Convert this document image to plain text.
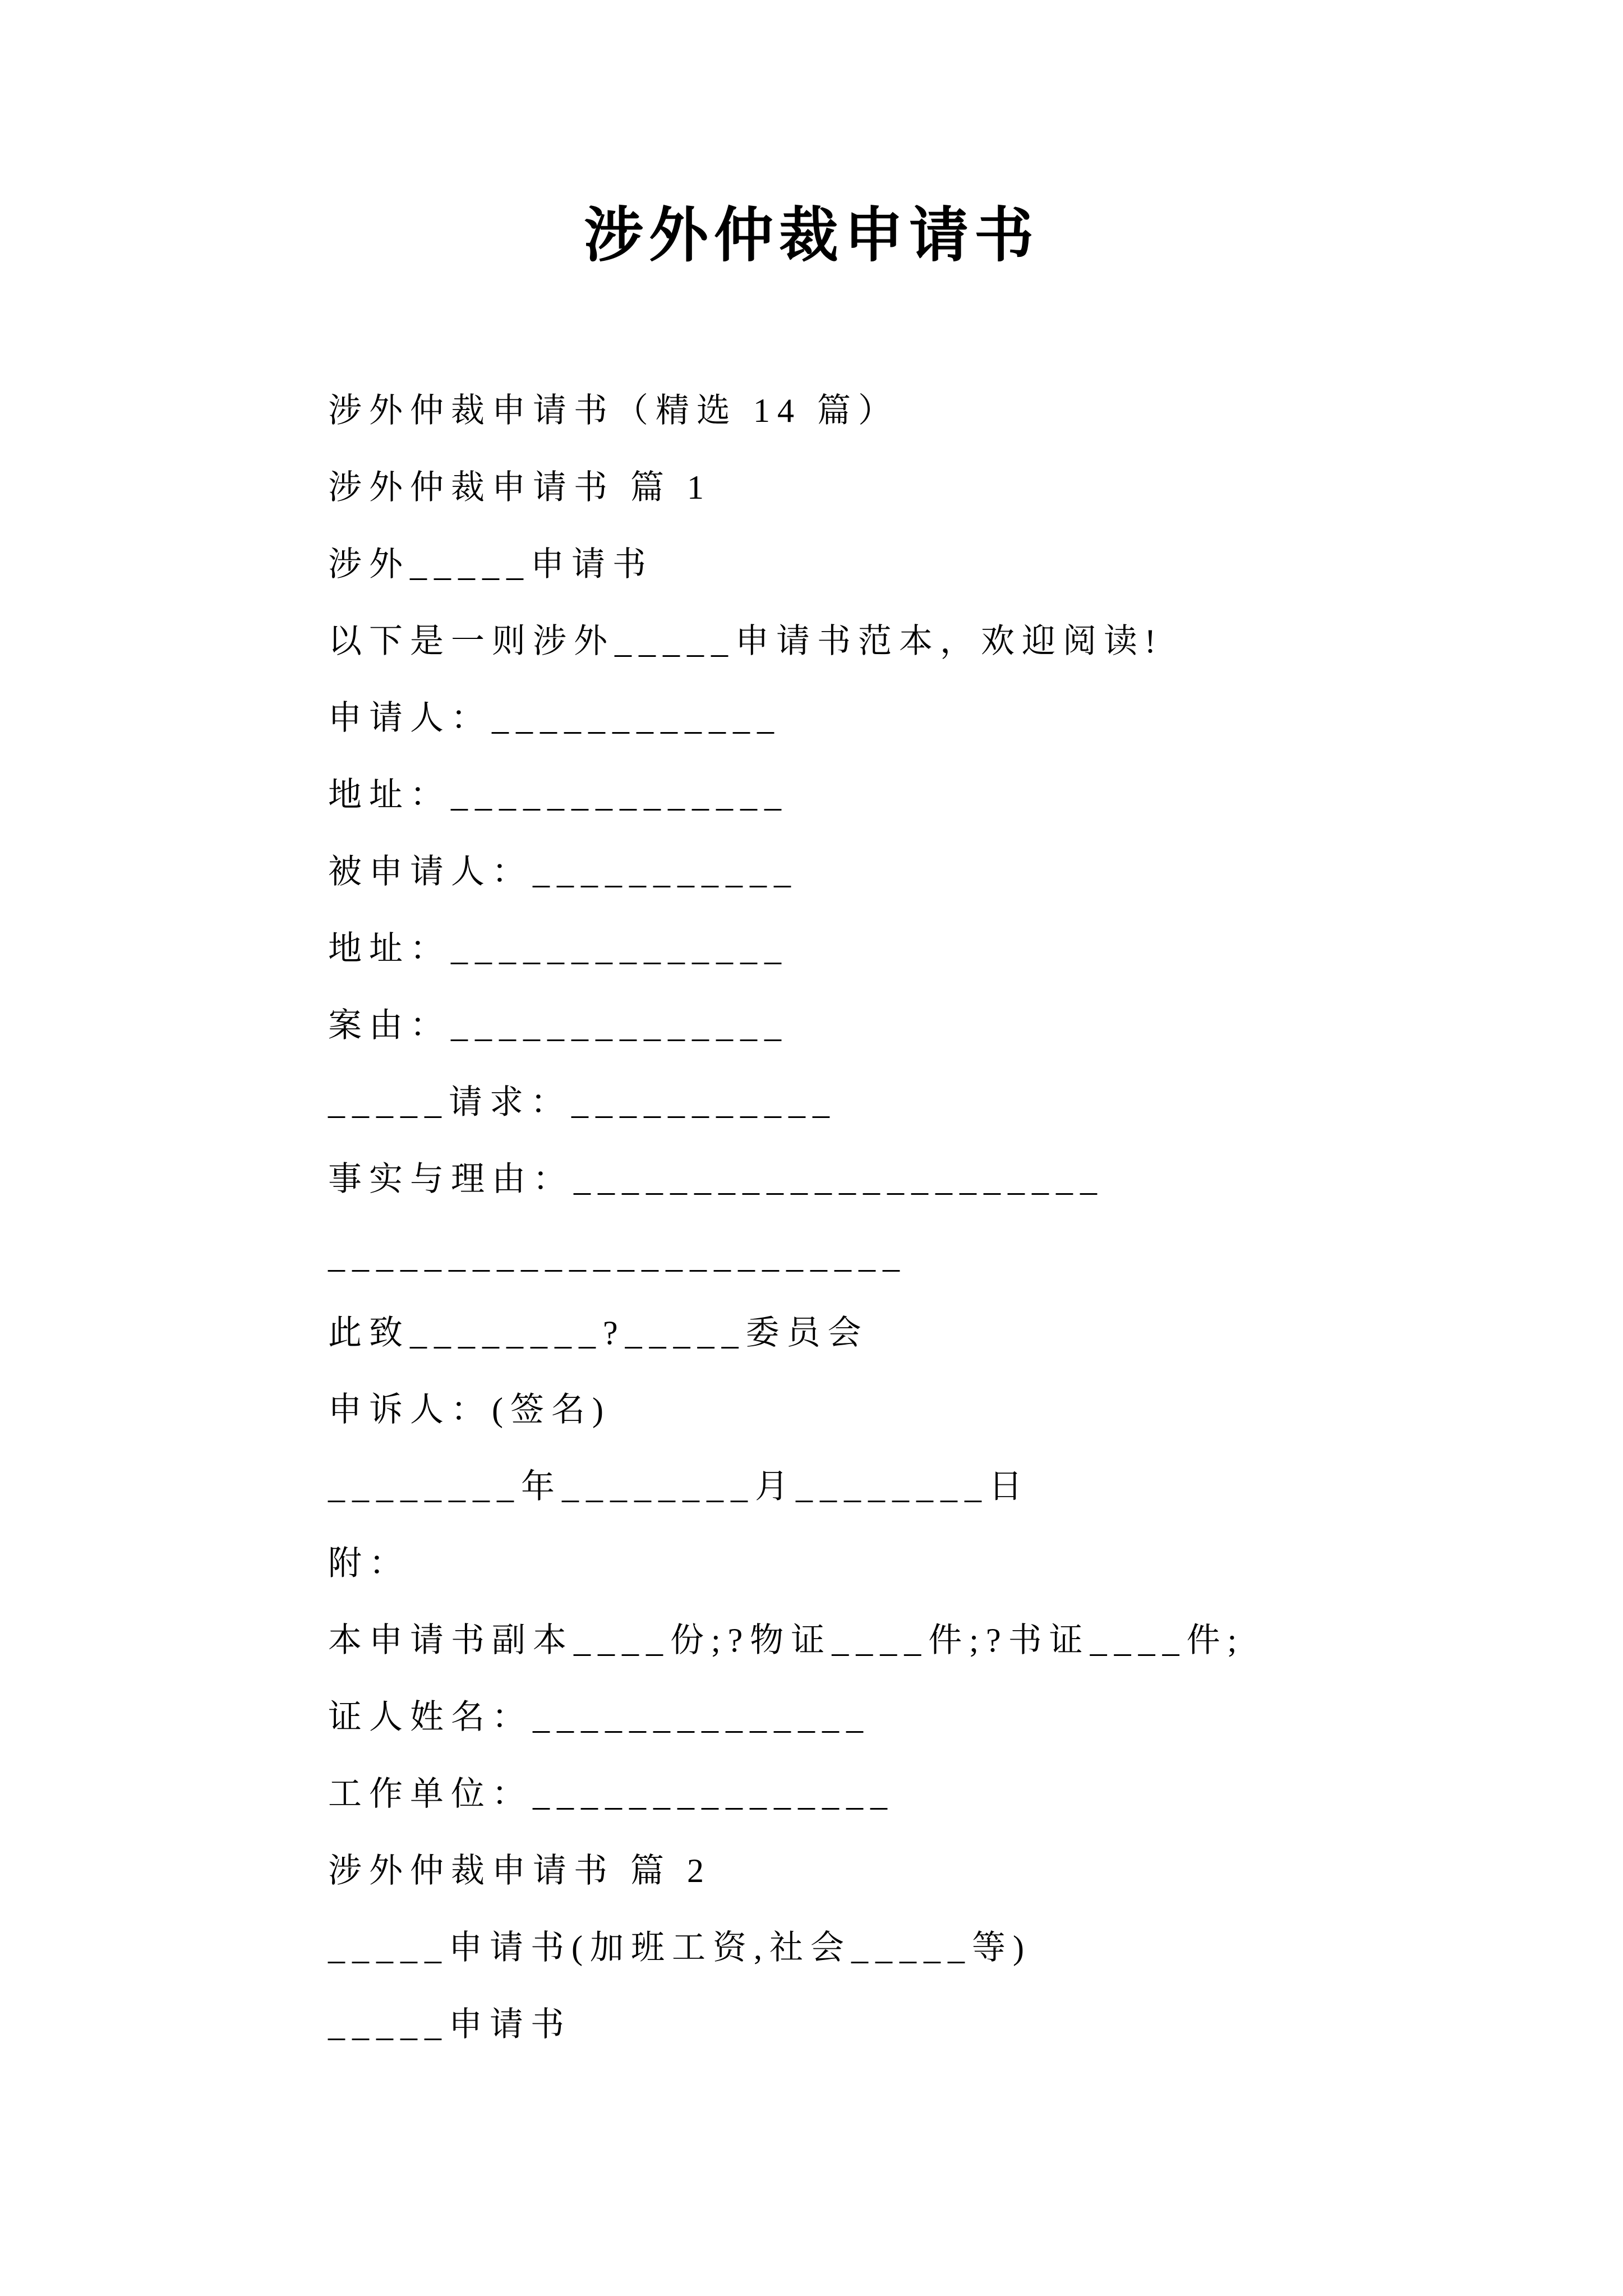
涉外仲裁申请书
涉外仲裁申请书（精选 14 篇）
涉外仲裁申请书 篇 1
涉外_____申请书
以下是一则涉外_____申请书范本，欢迎阅读!
申请人：____________
地址：______________
被申请人：___________
地址：______________
案由：______________
_____请求：___________
事实与理由：______________________
________________________
此致________?_____委员会
申诉人：(签名)
________年________月________日
附：
本申请书副本____份;?物证____件;?书证____件;
证人姓名：______________
工作单位：_______________
涉外仲裁申请书 篇 2
_____申请书(加班工资,社会_____等)
_____申请书
